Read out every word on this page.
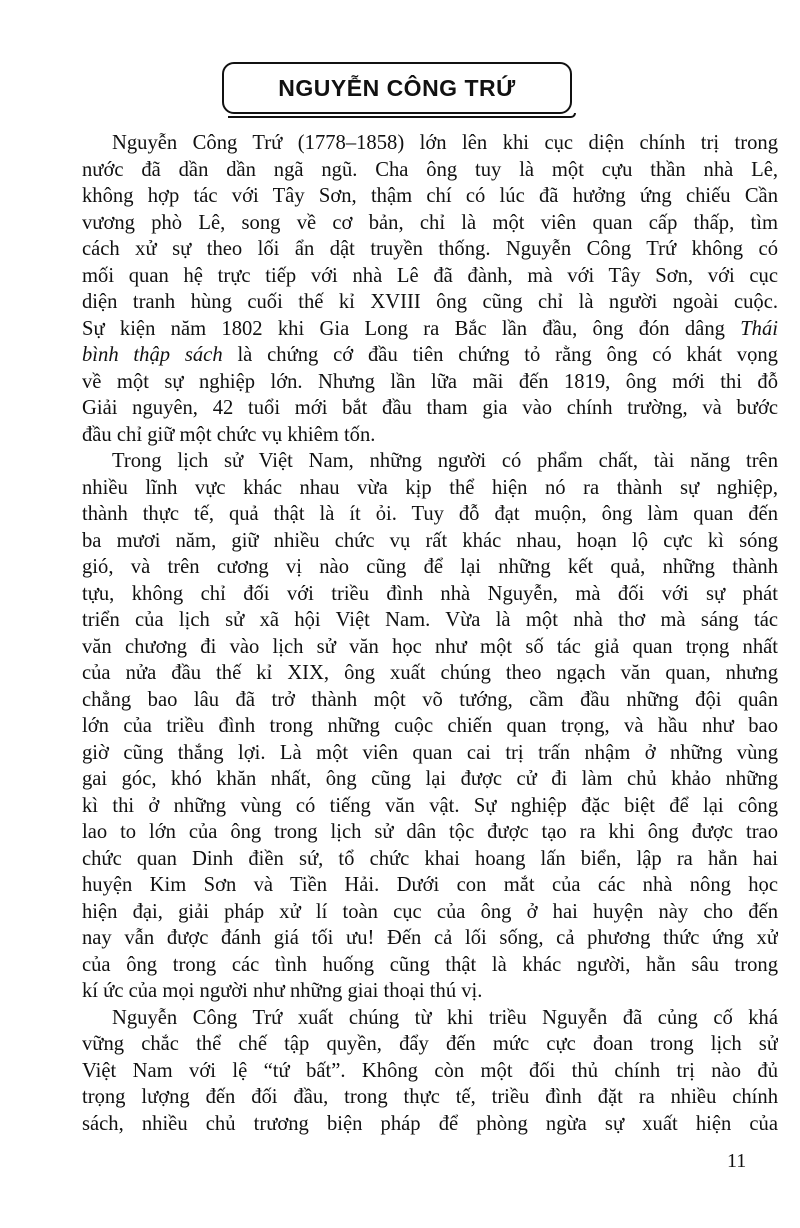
NGUYỄN CÔNG TRỨ
Nguyễn Công Trứ (1778–1858) lớn lên khi cục diện chính trị trong
nước đã dần dần ngã ngũ. Cha ông tuy là một cựu thần nhà Lê,
không hợp tác với Tây Sơn, thậm chí có lúc đã hưởng ứng chiếu Cần
vương phò Lê, song về cơ bản, chỉ là một viên quan cấp thấp, tìm
cách xử sự theo lối ẩn dật truyền thống. Nguyễn Công Trứ không có
mối quan hệ trực tiếp với nhà Lê đã đành, mà với Tây Sơn, với cục
diện tranh hùng cuối thế kỉ XVIII ông cũng chỉ là người ngoài cuộc.
Sự kiện năm 1802 khi Gia Long ra Bắc lần đầu, ông đón dâng Thái
bình thập sách là chứng cớ đầu tiên chứng tỏ rằng ông có khát vọng
về một sự nghiệp lớn. Nhưng lần lữa mãi đến 1819, ông mới thi đỗ
Giải nguyên, 42 tuổi mới bắt đầu tham gia vào chính trường, và bước
đầu chỉ giữ một chức vụ khiêm tốn.
Trong lịch sử Việt Nam, những người có phẩm chất, tài năng trên
nhiều lĩnh vực khác nhau vừa kịp thể hiện nó ra thành sự nghiệp,
thành thực tế, quả thật là ít ỏi. Tuy đỗ đạt muộn, ông làm quan đến
ba mươi năm, giữ nhiều chức vụ rất khác nhau, hoạn lộ cực kì sóng
gió, và trên cương vị nào cũng để lại những kết quả, những thành
tựu, không chỉ đối với triều đình nhà Nguyễn, mà đối với sự phát
triển của lịch sử xã hội Việt Nam. Vừa là một nhà thơ mà sáng tác
văn chương đi vào lịch sử văn học như một số tác giả quan trọng nhất
của nửa đầu thế kỉ XIX, ông xuất chúng theo ngạch văn quan, nhưng
chẳng bao lâu đã trở thành một võ tướng, cầm đầu những đội quân
lớn của triều đình trong những cuộc chiến quan trọng, và hầu như bao
giờ cũng thắng lợi. Là một viên quan cai trị trấn nhậm ở những vùng
gai góc, khó khăn nhất, ông cũng lại được cử đi làm chủ khảo những
kì thi ở những vùng có tiếng văn vật. Sự nghiệp đặc biệt để lại công
lao to lớn của ông trong lịch sử dân tộc được tạo ra khi ông được trao
chức quan Dinh điền sứ, tổ chức khai hoang lấn biển, lập ra hẳn hai
huyện Kim Sơn và Tiền Hải. Dưới con mắt của các nhà nông học
hiện đại, giải pháp xử lí toàn cục của ông ở hai huyện này cho đến
nay vẫn được đánh giá tối ưu! Đến cả lối sống, cả phương thức ứng xử
của ông trong các tình huống cũng thật là khác người, hằn sâu trong
kí ức của mọi người như những giai thoại thú vị.
Nguyễn Công Trứ xuất chúng từ khi triều Nguyễn đã củng cố khá
vững chắc thể chế tập quyền, đẩy đến mức cực đoan trong lịch sử
Việt Nam với lệ “tứ bất”. Không còn một đối thủ chính trị nào đủ
trọng lượng đến đối đầu, trong thực tế, triều đình đặt ra nhiều chính
sách, nhiều chủ trương biện pháp để phòng ngừa sự xuất hiện của
11
